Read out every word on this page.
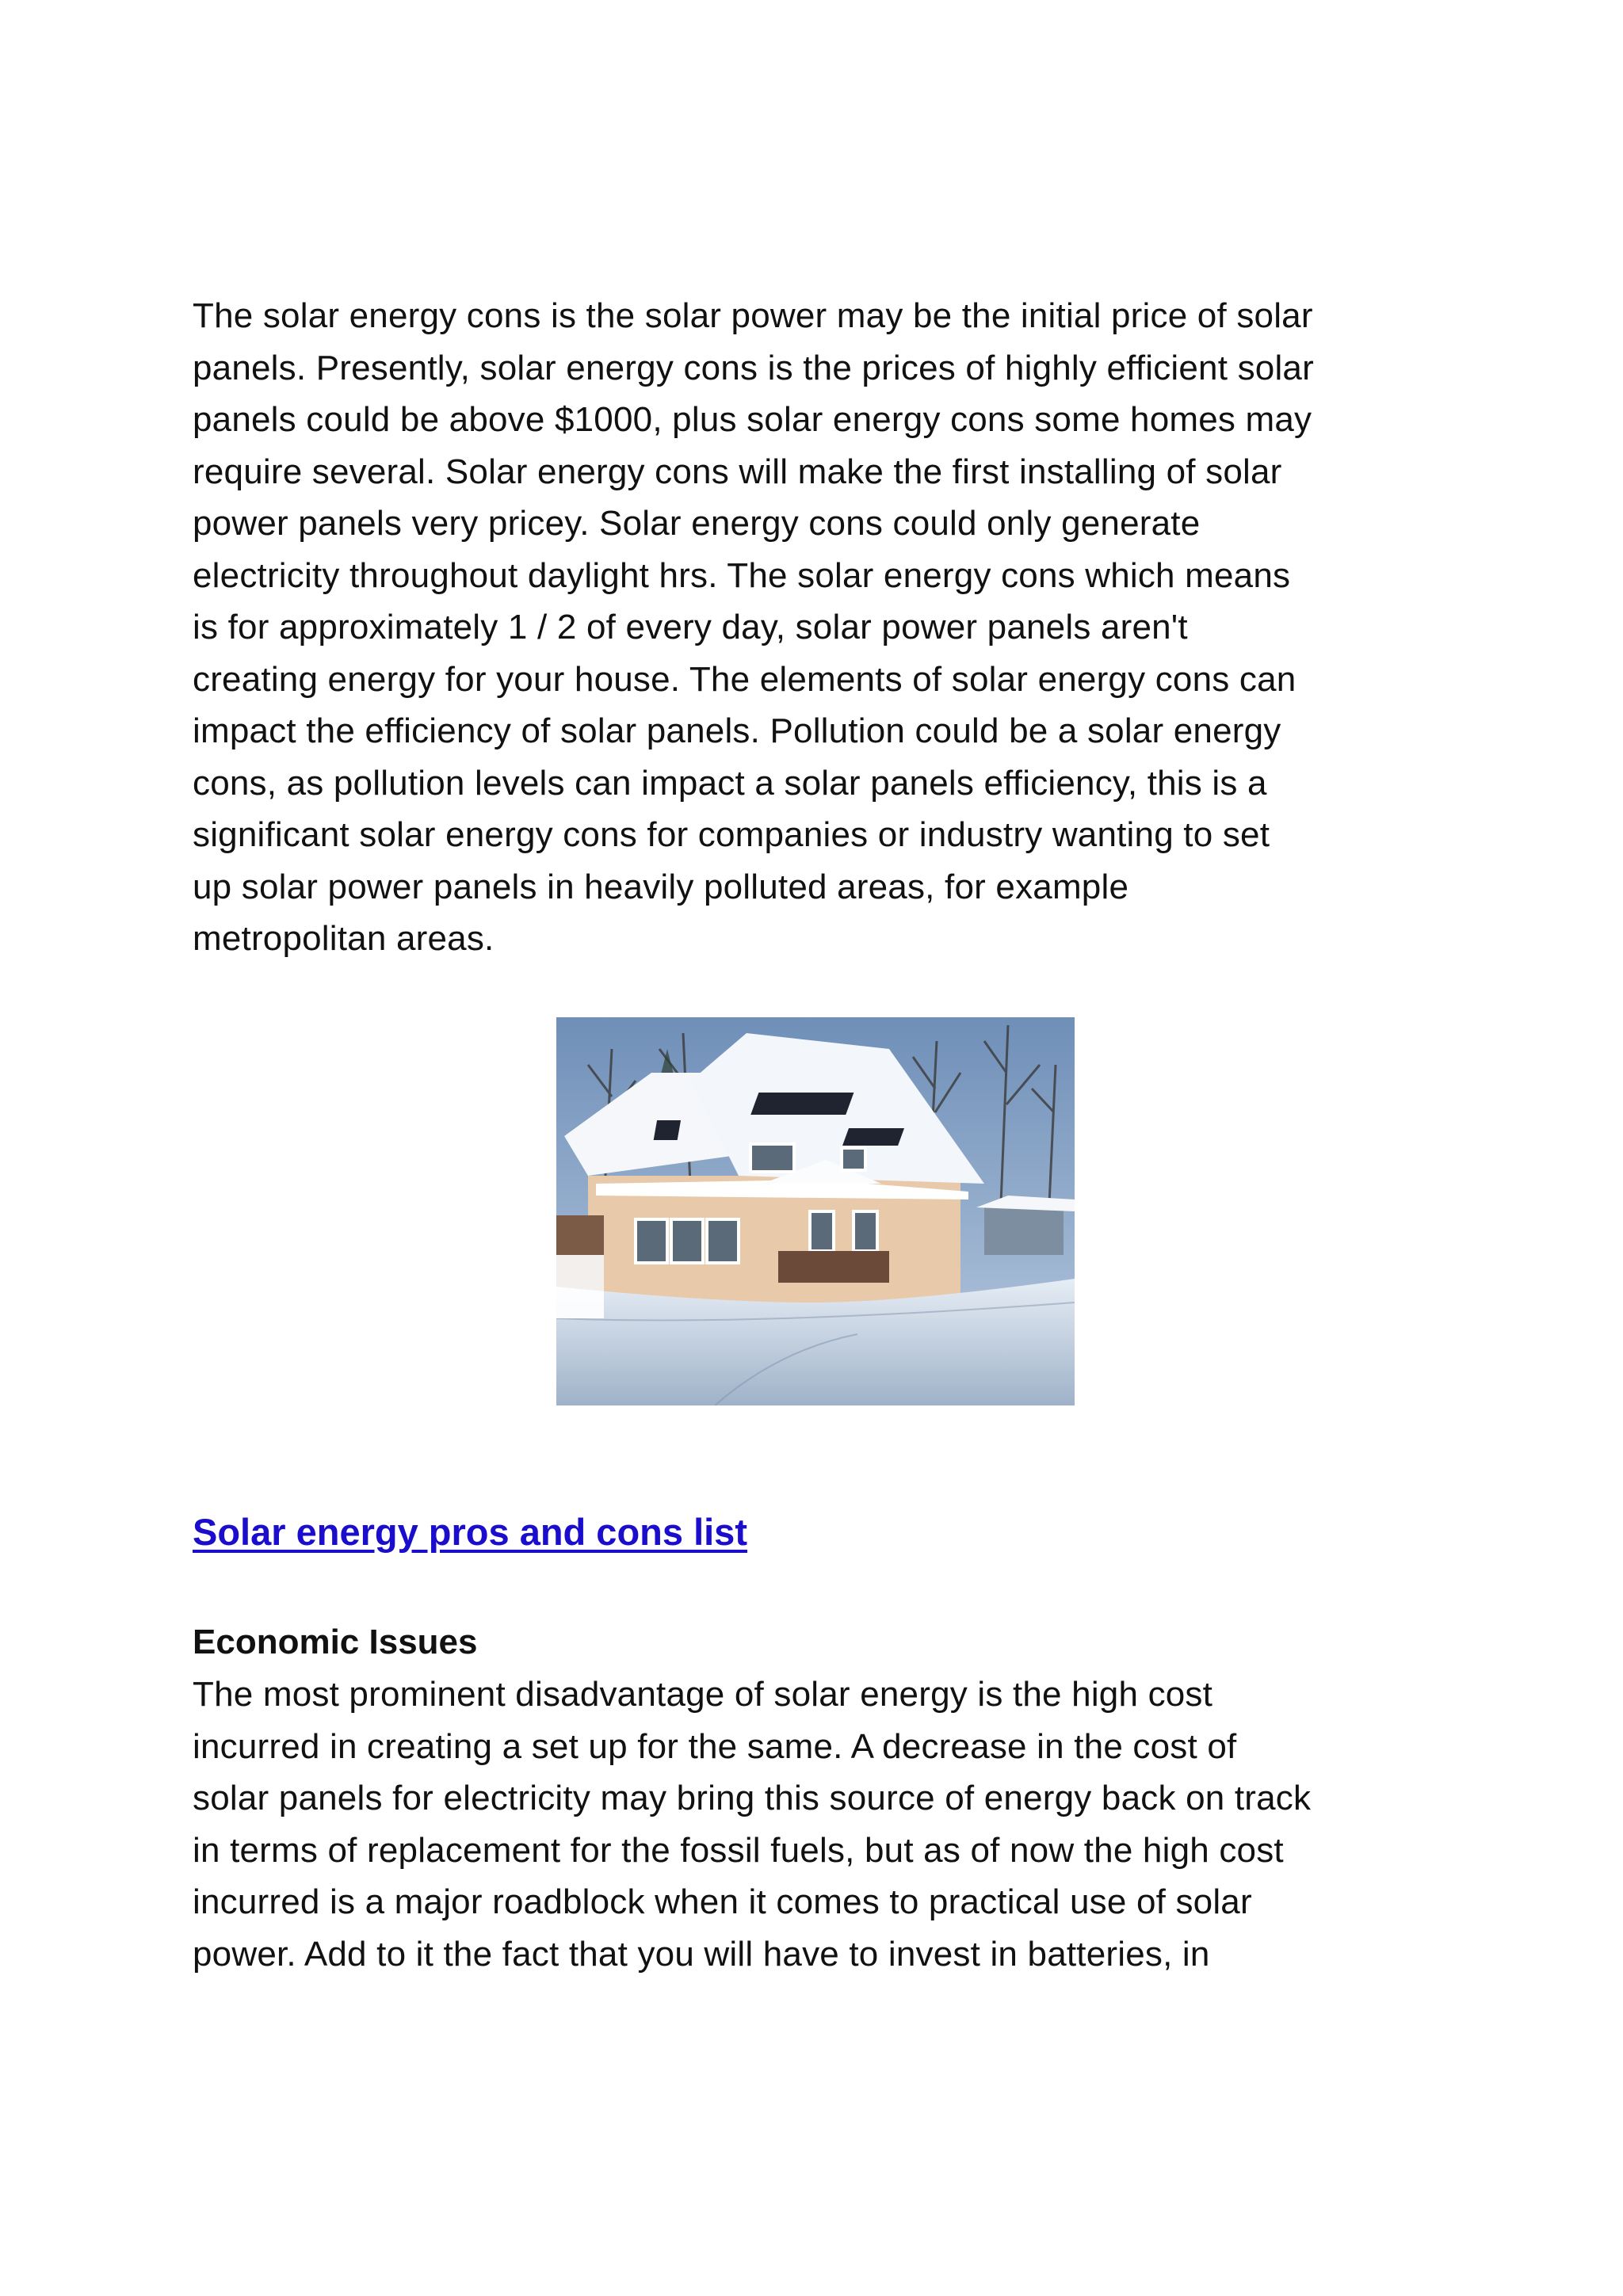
The solar energy cons is the solar power may be the initial price of solar
panels. Presently, solar energy cons is the prices of highly efficient solar
panels could be above $1000, plus solar energy cons some homes may
require several. Solar energy cons will make the first installing of solar
power panels very pricey. Solar energy cons could only generate
electricity throughout daylight hrs. The solar energy cons which means
is for approximately 1 / 2 of every day, solar power panels aren't
creating energy for your house. The elements of solar energy cons can
impact the efficiency of solar panels. Pollution could be a solar energy
cons, as pollution levels can impact a solar panels efficiency, this is a
significant solar energy cons for companies or industry wanting to set
up solar power panels in heavily polluted areas, for example
metropolitan areas.

Solar energy pros and cons list
Economic Issues

The most prominent disadvantage of solar energy is the high cost
incurred in creating a set up for the same. A decrease in the cost of
solar panels for electricity may bring this source of energy back on track
in terms of replacement for the fossil fuels, but as of now the high cost
incurred is a major roadblock when it comes to practical use of solar
power. Add to it the fact that you will have to invest in batteries, in
